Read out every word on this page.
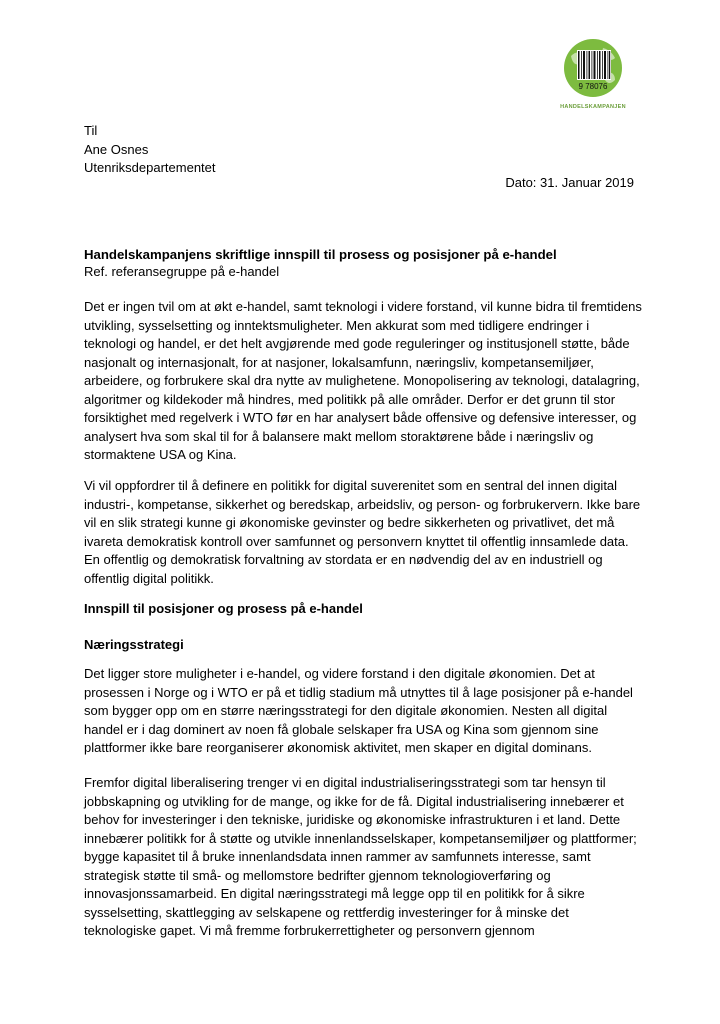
9 78076
HANDELSKAMPANJEN
Til
Ane Osnes
Utenriksdepartementet
Dato: 31. Januar 2019
Handelskampanjens skriftlige innspill til prosess og posisjoner på e-handel
Ref. referansegruppe på e-handel

Det er ingen tvil om at økt e-handel, samt teknologi i videre forstand, vil kunne bidra til fremtidens utvikling, sysselsetting og inntektsmuligheter. Men akkurat som med tidligere endringer i teknologi og handel, er det helt avgjørende med gode reguleringer og institusjonell støtte, både nasjonalt og internasjonalt, for at nasjoner, lokalsamfunn, næringsliv, kompetansemiljøer, arbeidere, og forbrukere skal dra nytte av mulighetene. Monopolisering av teknologi, datalagring, algoritmer og kildekoder må hindres, med politikk på alle områder. Derfor er det grunn til stor forsiktighet med regelverk i WTO før en har analysert både offensive og defensive interesser, og analysert hva som skal til for å balansere makt mellom storaktørene både i næringsliv og stormaktene USA og Kina.

Vi vil oppfordrer til å definere en politikk for digital suverenitet som en sentral del innen digital industri-, kompetanse, sikkerhet og beredskap, arbeidsliv, og person- og forbrukervern. Ikke bare vil en slik strategi kunne gi økonomiske gevinster og bedre sikkerheten og privatlivet, det må ivareta demokratisk kontroll over samfunnet og personvern knyttet til offentlig innsamlede data. En offentlig og demokratisk forvaltning av stordata er en nødvendig del av en industriell og offentlig digital politikk.

Innspill til posisjoner og prosess på e-handel
Næringsstrategi

Det ligger store muligheter i e-handel, og videre forstand i den digitale økonomien. Det at prosessen i Norge og i WTO er på et tidlig stadium må utnyttes til å lage posisjoner på e-handel som bygger opp om en større næringsstrategi for den digitale økonomien. Nesten all digital handel er i dag dominert av noen få globale selskaper fra USA og Kina som gjennom sine plattformer ikke bare reorganiserer økonomisk aktivitet, men skaper en digital dominans.

Fremfor digital liberalisering trenger vi en digital industrialiseringsstrategi som tar hensyn til jobbskapning og utvikling for de mange, og ikke for de få. Digital industrialisering innebærer et behov for investeringer i den tekniske, juridiske og økonomiske infrastrukturen i et land. Dette innebærer politikk for å støtte og utvikle innenlandsselskaper, kompetansemiljøer og plattformer; bygge kapasitet til å bruke innenlandsdata innen rammer av samfunnets interesse, samt strategisk støtte til små- og mellomstore bedrifter gjennom teknologioverføring og innovasjonssamarbeid. En digital næringsstrategi må legge opp til en politikk for å sikre sysselsetting, skattlegging av selskapene og rettferdig investeringer for å minske det teknologiske gapet. Vi må fremme forbrukerrettigheter og personvern gjennom
